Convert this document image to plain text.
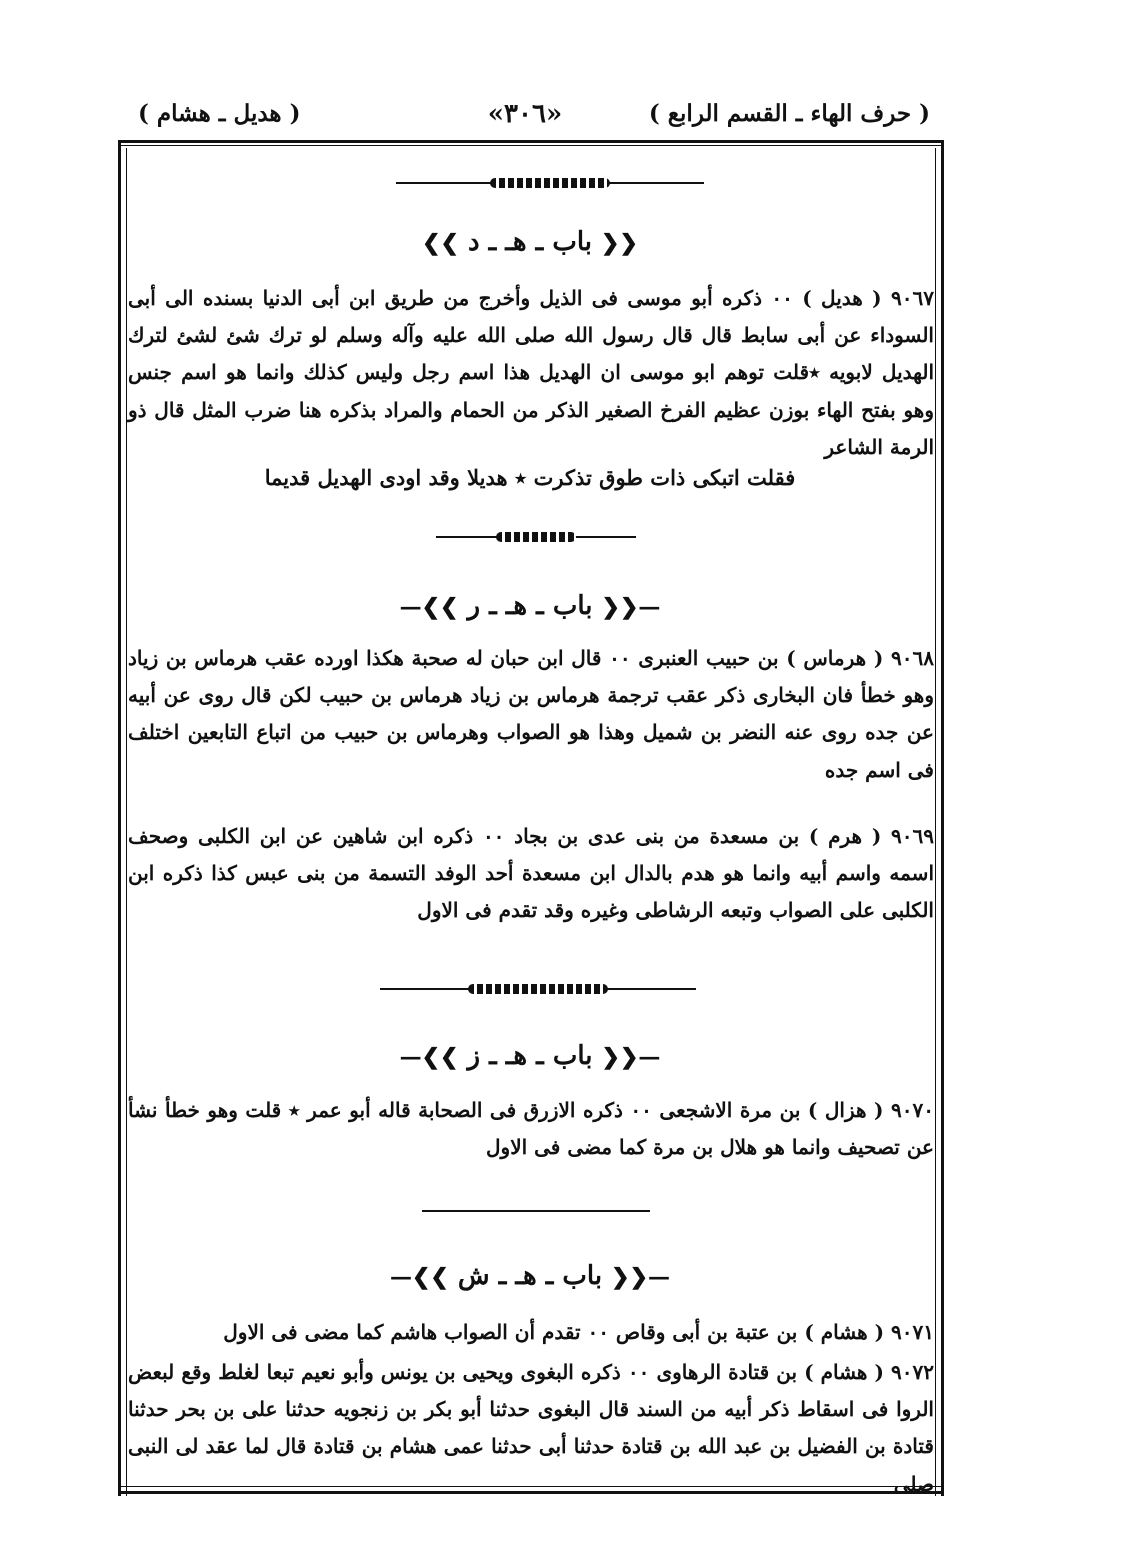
( حرف الهاء ـ القسم الرابع )
«٣٠٦»
( هديل ـ هشام )
❮❮ باب ـ هـ ـ د ❯❯
٩٠٦٧ ( هديل ) ٠٠ ذكره أبو موسى فى الذيل وأخرج من طريق ابن أبى الدنيا بسنده الى أبى السوداء عن أبى سابط قال قال رسول الله صلى الله عليه وآله وسلم لو ترك شئ لشئ لترك الهديل لابويه ٭قلت توهم ابو موسى ان الهديل هذا اسم رجل وليس كذلك وانما هو اسم جنس وهو بفتح الهاء بوزن عظيم الفرخ الصغير الذكر من الحمام والمراد بذكره هنا ضرب المثل قال ذو الرمة الشاعر
فقلت اتبكى ذات طوق تذكرت ٭ هديلا وقد اودى الهديل قديما
—❮❮ باب ـ هـ ـ ر ❯❯—
٩٠٦٨ ( هرماس ) بن حبيب العنبرى ٠٠ قال ابن حبان له صحبة هكذا اورده عقب هرماس بن زياد وهو خطأ فان البخارى ذكر عقب ترجمة هرماس بن زياد هرماس بن حبيب لكن قال روى عن أبيه عن جده روى عنه النضر بن شميل وهذا هو الصواب وهرماس بن حبيب من اتباع التابعين اختلف فى اسم جده
٩٠٦٩ ( هرم ) بن مسعدة من بنى عدى بن بجاد ٠٠ ذكره ابن شاهين عن ابن الكلبى وصحف اسمه واسم أبيه وانما هو هدم بالدال ابن مسعدة أحد الوفد التسمة من بنى عبس كذا ذكره ابن الكلبى على الصواب وتبعه الرشاطى وغيره وقد تقدم فى الاول
—❮❮ باب ـ هـ ـ ز ❯❯—
٩٠٧٠ ( هزال ) بن مرة الاشجعى ٠٠ ذكره الازرق فى الصحابة قاله أبو عمر ٭ قلت وهو خطأ نشأ عن تصحيف وانما هو هلال بن مرة كما مضى فى الاول
—❮❮ باب ـ هـ ـ ش ❯❯—
٩٠٧١ ( هشام ) بن عتبة بن أبى وقاص ٠٠ تقدم أن الصواب هاشم كما مضى فى الاول
٩٠٧٢ ( هشام ) بن قتادة الرهاوى ٠٠ ذكره البغوى ويحيى بن يونس وأبو نعيم تبعا لغلط وقع لبعض الروا فى اسقاط ذكر أبيه من السند قال البغوى حدثنا أبو بكر بن زنجويه حدثنا على بن بحر حدثنا قتادة بن الفضيل بن عبد الله بن قتادة حدثنا أبى حدثنا عمى هشام بن قتادة قال لما عقد لى النبى صلى
